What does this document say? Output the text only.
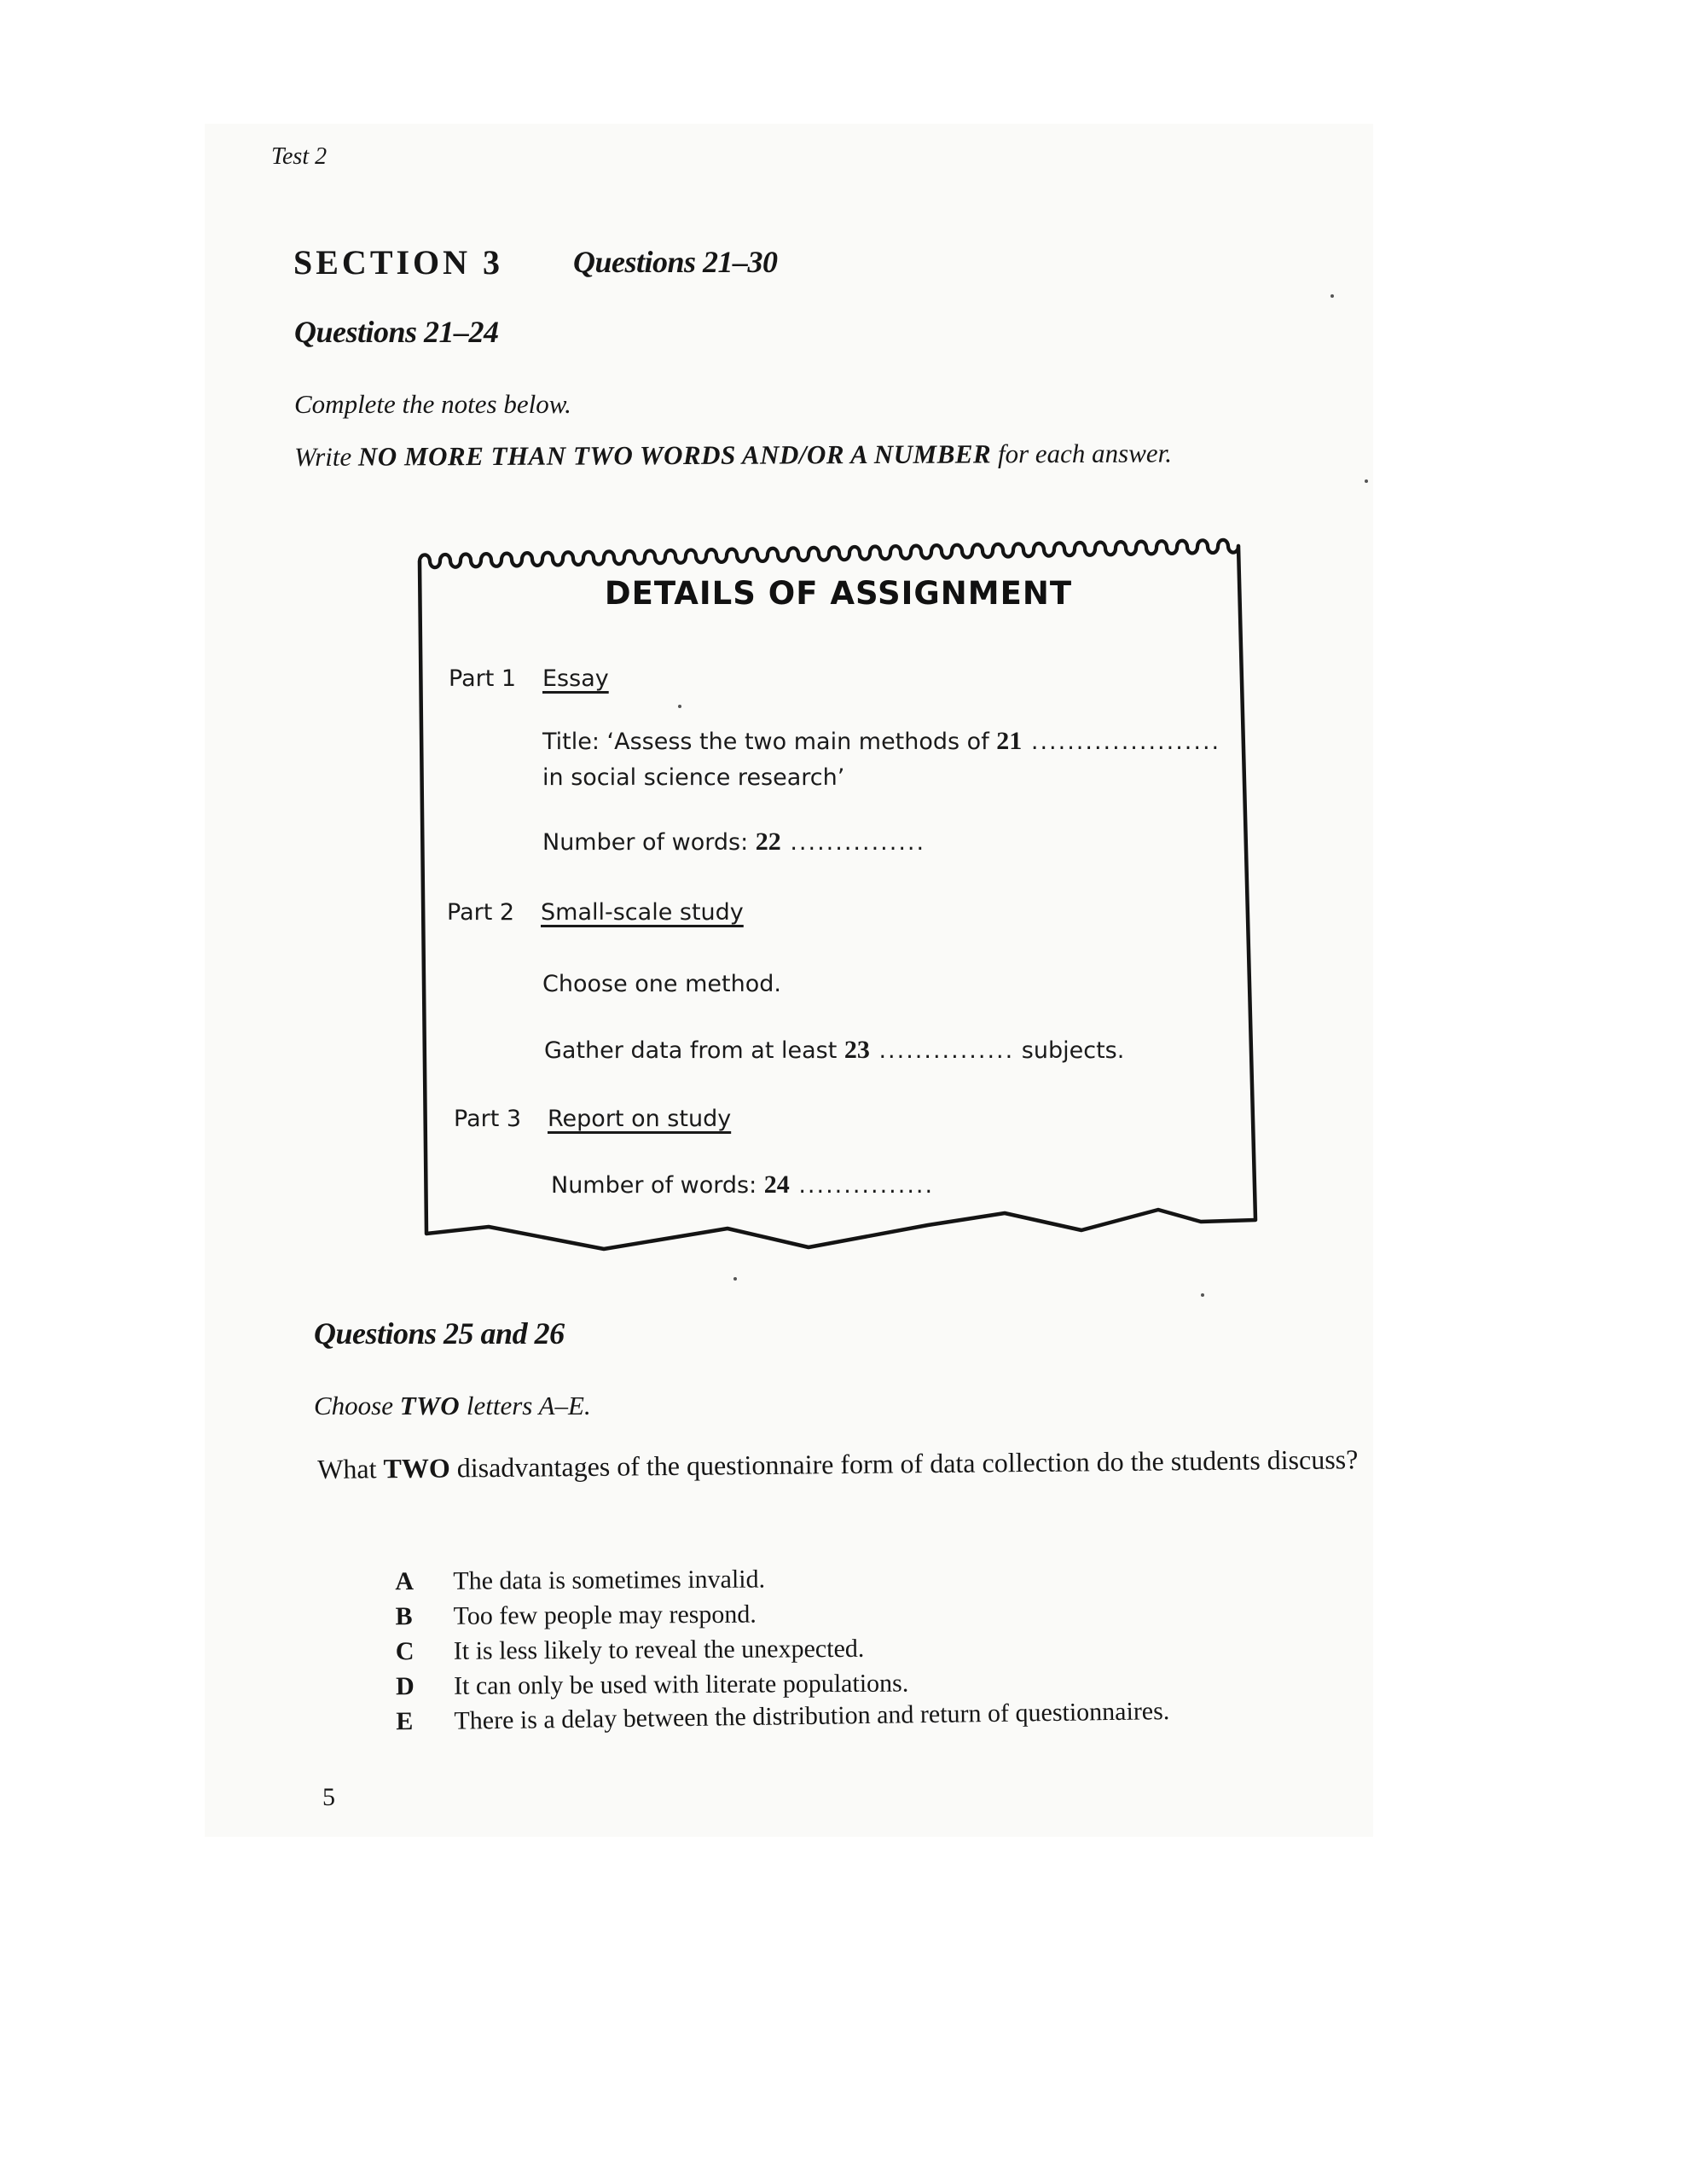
Test 2
SECTION 3 Questions 21–30
Questions 21–24
Complete the notes below.
Write NO MORE THAN TWO WORDS AND/OR A NUMBER for each answer.
DETAILS OF ASSIGNMENT
Part 1 Essay
Title: ‘Assess the two main methods of 21 .....................
in social science research’
Number of words: 22 ...............
Part 2 Small-scale study
Choose one method.
Gather data from at least 23 ............... subjects.
Part 3 Report on study
Number of words: 24 ...............
Questions 25 and 26
Choose TWO letters A–E.
What TWO disadvantages of the questionnaire form of data collection do the students discuss?
A The data is sometimes invalid.
B Too few people may respond.
C It is less likely to reveal the unexpected.
D It can only be used with literate populations.
E There is a delay between the distribution and return of questionnaires.
5
